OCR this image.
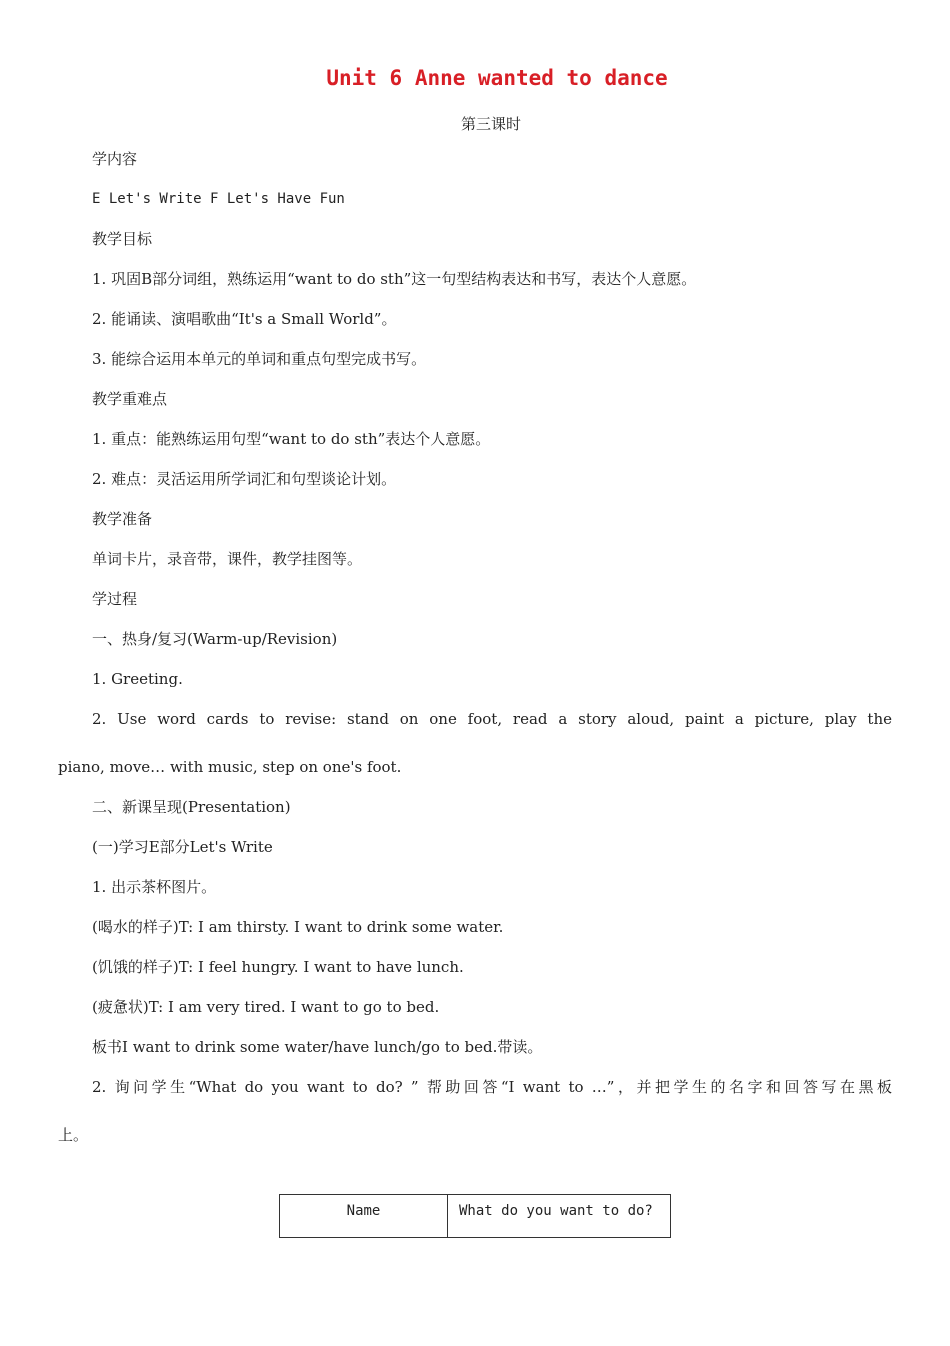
Unit 6 Anne wanted to dance
第三课时
学内容
E Let's Write F Let's Have Fun
教学目标
1. 巩固B部分词组，熟练运用“want to do sth”这一句型结构表达和书写，表达个人意愿。
2. 能诵读、演唱歌曲“It's a Small World”。
3. 能综合运用本单元的单词和重点句型完成书写。
教学重难点
1. 重点：能熟练运用句型“want to do sth”表达个人意愿。
2. 难点：灵活运用所学词汇和句型谈论计划。
教学准备
单词卡片，录音带，课件，教学挂图等。
学过程
一、热身/复习(Warm-up/Revision)
1. Greeting.
2. Use word cards to revise: stand on one foot, read a story aloud, paint a picture, play the
piano, move… with music, step on one's foot.
二、新课呈现(Presentation)
(一)学习E部分Let's Write
1. 出示茶杯图片。
(喝水的样子)T: I am thirsty. I want to drink some water.
(饥饿的样子)T: I feel hungry. I want to have lunch.
(疲惫状)T: I am very tired. I want to go to bed.
板书I want to drink some water/have lunch/go to bed.带读。
2. 询问学生“What do you want to do? ” 帮助回答“I want to …”，并把学生的名字和回答写在黑板
上。
Name	What do you want to do?
